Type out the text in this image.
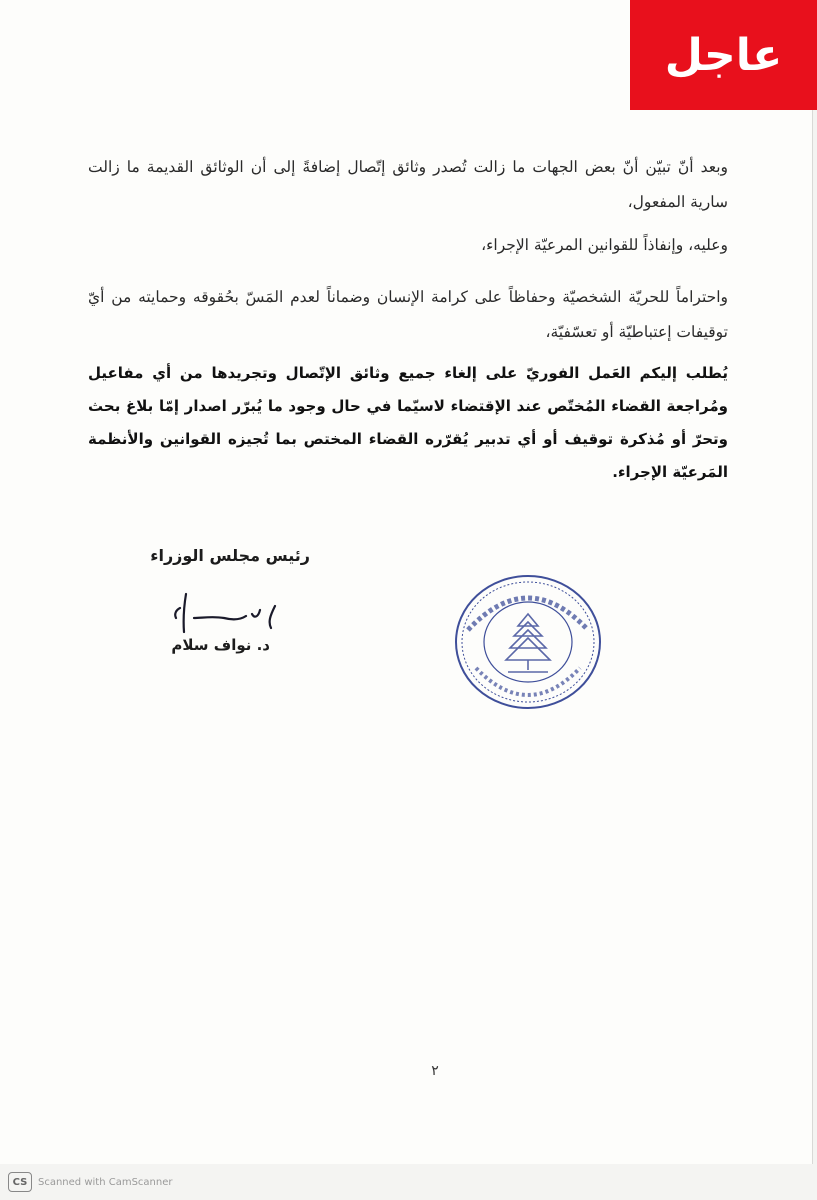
عاجل
وبعد أنّ تبيّن أنّ بعض الجهات ما زالت تُصدر وثائق إتّصال إضافةً إلى أن الوثائق القديمة ما زالت سارية المفعول،
وعليه، وإنفاذاً للقوانين المرعيّة الإجراء،
واحتراماً للحريّة الشخصيّة وحفاظاً على كرامة الإنسان وضماناً لعدم المَسّ بحُقوقه وحمايته من أيّ توقيفات إعتباطيّة أو تعسّفيّة،
يُطلب إليكم العَمل الفوريّ على إلغاء جميع وثائق الإتّصال وتجريدها من أي مفاعيل ومُراجعة القضاء المُختّص عند الإقتضاء لاسيّما في حال وجود ما يُبرّر اصدار إمّا بلاغ بحث وتحرّ أو مُذكرة توقيف أو أي تدبير يُقرّره القضاء المختص بما تُجيزه القوانين والأنظمة المَرعيّة الإجراء.
رئيس مجلس الوزراء
د. نواف سلام
٢
CS	Scanned with CamScanner
